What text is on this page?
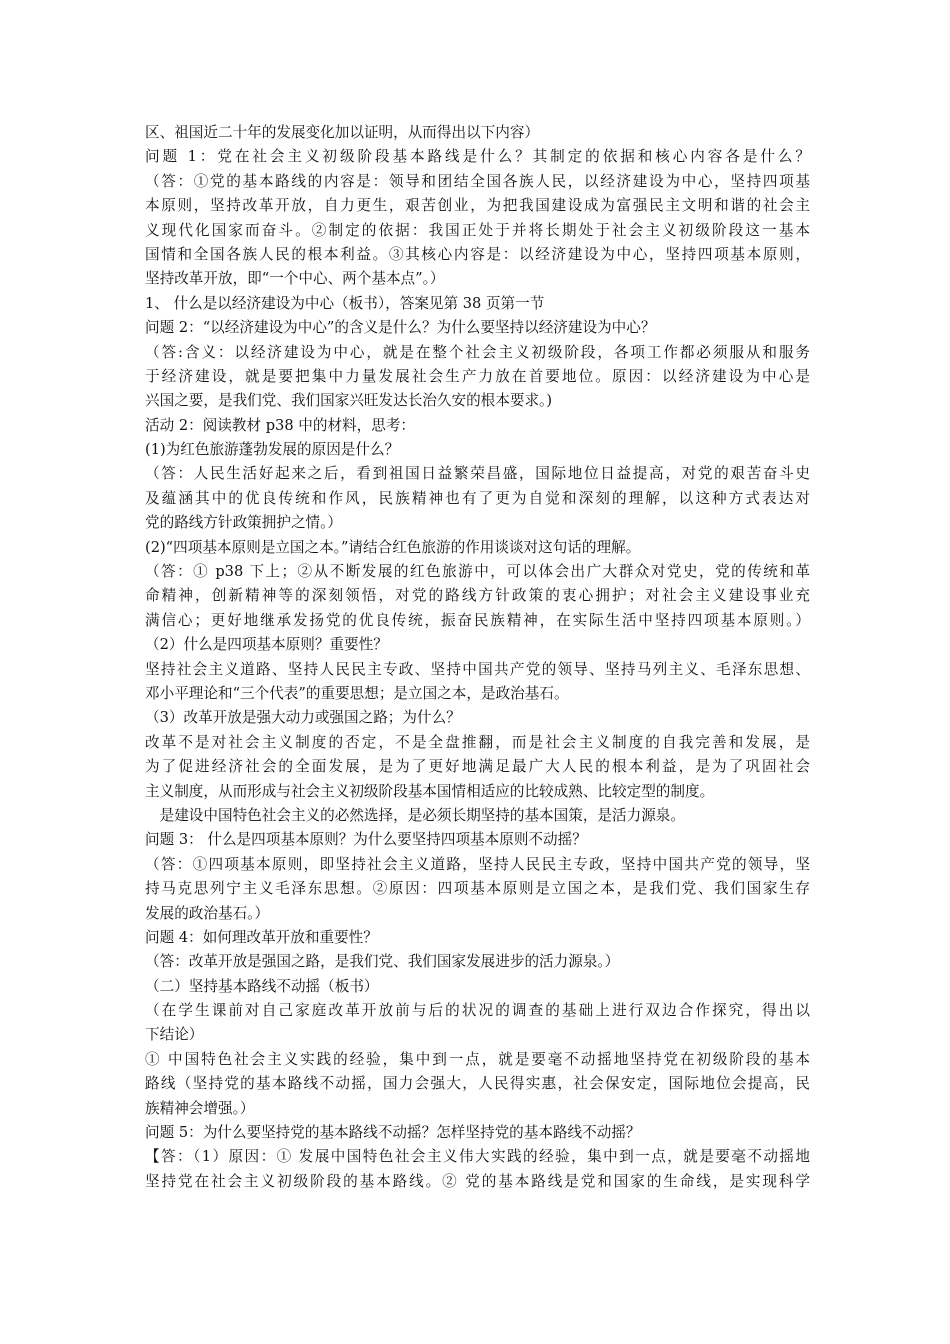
区、祖国近二十年的发展变化加以证明，从而得出以下内容）
问题 1：党在社会主义初级阶段基本路线是什么？其制定的依据和核心内容各是什么？
（答：①党的基本路线的内容是：领导和团结全国各族人民，以经济建设为中心，坚持四项基
本原则，坚持改革开放，自力更生，艰苦创业，为把我国建设成为富强民主文明和谐的社会主
义现代化国家而奋斗。②制定的依据：我国正处于并将长期处于社会主义初级阶段这一基本
国情和全国各族人民的根本利益。③其核心内容是：以经济建设为中心，坚持四项基本原则，
坚持改革开放，即“一个中心、两个基本点”。）
1、 什么是以经济建设为中心（板书），答案见第 38 页第一节
问题 2：“以经济建设为中心”的含义是什么？为什么要坚持以经济建设为中心？
（答:含义：以经济建设为中心，就是在整个社会主义初级阶段，各项工作都必须服从和服务
于经济建设，就是要把集中力量发展社会生产力放在首要地位。原因：以经济建设为中心是
兴国之要，是我们党、我们国家兴旺发达长治久安的根本要求。)
活动 2：阅读教材 p38 中的材料，思考：
(1)为红色旅游蓬勃发展的原因是什么？
（答：人民生活好起来之后，看到祖国日益繁荣昌盛，国际地位日益提高，对党的艰苦奋斗史
及蕴涵其中的优良传统和作风，民族精神也有了更为自觉和深刻的理解，以这种方式表达对
党的路线方针政策拥护之情。）
(2)“四项基本原则是立国之本。”请结合红色旅游的作用谈谈对这句话的理解。
（答：① p38 下上；②从不断发展的红色旅游中，可以体会出广大群众对党史，党的传统和革
命精神，创新精神等的深刻领悟，对党的路线方针政策的衷心拥护；对社会主义建设事业充
满信心；更好地继承发扬党的优良传统，振奋民族精神，在实际生活中坚持四项基本原则。）
（2）什么是四项基本原则？重要性？
坚持社会主义道路、坚持人民民主专政、坚持中国共产党的领导、坚持马列主义、毛泽东思想、
邓小平理论和“三个代表”的重要思想；是立国之本，是政治基石。
（3）改革开放是强大动力或强国之路；为什么？
改革不是对社会主义制度的否定，不是全盘推翻，而是社会主义制度的自我完善和发展，是
为了促进经济社会的全面发展，是为了更好地满足最广大人民的根本利益，是为了巩固社会
主义制度，从而形成与社会主义初级阶段基本国情相适应的比较成熟、比较定型的制度。
　是建设中国特色社会主义的必然选择，是必须长期坚持的基本国策，是活力源泉。
问题 3： 什么是四项基本原则？为什么要坚持四项基本原则不动摇？
（答：①四项基本原则，即坚持社会主义道路，坚持人民民主专政，坚持中国共产党的领导，坚
持马克思列宁主义毛泽东思想。②原因：四项基本原则是立国之本，是我们党、我们国家生存
发展的政治基石。）
问题 4：如何理改革开放和重要性？
（答：改革开放是强国之路，是我们党、我们国家发展进步的活力源泉。）
（二）坚持基本路线不动摇（板书）
（在学生课前对自己家庭改革开放前与后的状况的调查的基础上进行双边合作探究，得出以
下结论）
① 中国特色社会主义实践的经验，集中到一点，就是要毫不动摇地坚持党在初级阶段的基本
路线（坚持党的基本路线不动摇，国力会强大，人民得实惠，社会保安定，国际地位会提高，民
族精神会增强。）
问题 5：为什么要坚持党的基本路线不动摇？怎样坚持党的基本路线不动摇？
【答：（1）原因：① 发展中国特色社会主义伟大实践的经验，集中到一点，就是要毫不动摇地
坚持党在社会主义初级阶段的基本路线。② 党的基本路线是党和国家的生命线，是实现科学
